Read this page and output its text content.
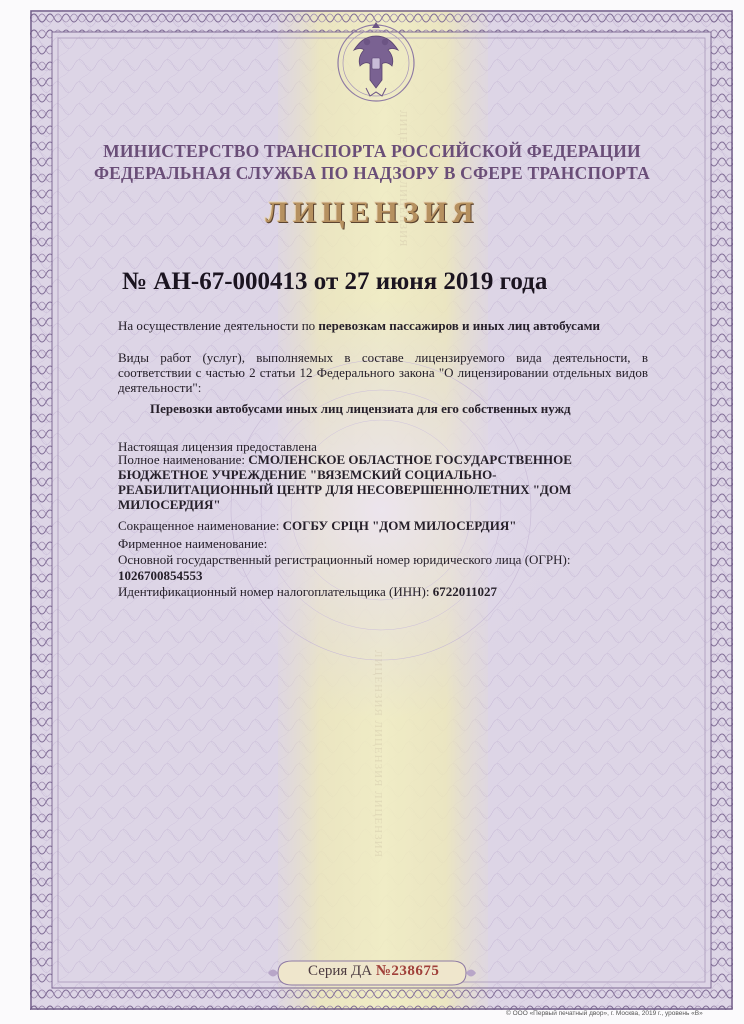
ЛИЦЕНЗИЯ ЛИЦЕНЗИЯ ЛИЦЕНЗИЯ
ЛИЦЕНЗИЯ ЛИЦЕНЗИЯ
МИНИСТЕРСТВО ТРАНСПОРТА РОССИЙСКОЙ ФЕДЕРАЦИИ
ФЕДЕРАЛЬНАЯ СЛУЖБА ПО НАДЗОРУ В СФЕРЕ ТРАНСПОРТА
ЛИЦЕНЗИЯ
№ АН-67-000413 от 27 июня 2019 года
На осуществление деятельности по перевозкам пассажиров и иных лиц автобусами
Виды работ (услуг), выполняемых в составе лицензируемого вида деятельности, в соответствии с частью 2 статьи 12 Федерального закона "О лицензировании отдельных видов деятельности":
Перевозки автобусами иных лиц лицензиата для его собственных нужд
Настоящая лицензия предоставлена
Полное наименование: СМОЛЕНСКОЕ ОБЛАСТНОЕ ГОСУДАРСТВЕННОЕ БЮДЖЕТНОЕ УЧРЕЖДЕНИЕ "ВЯЗЕМСКИЙ СОЦИАЛЬНО-РЕАБИЛИТАЦИОННЫЙ ЦЕНТР ДЛЯ НЕСОВЕРШЕННОЛЕТНИХ "ДОМ МИЛОСЕРДИЯ"
Сокращенное наименование: СОГБУ СРЦН "ДОМ МИЛОСЕРДИЯ"
Фирменное наименование:
Основной государственный регистрационный номер юридического лица (ОГРН):
1026700854553
Идентификационный номер налогоплательщика (ИНН): 6722011027
Серия ДА №238675
© ООО «Первый печатный двор», г. Москва, 2019 г., уровень «В»
